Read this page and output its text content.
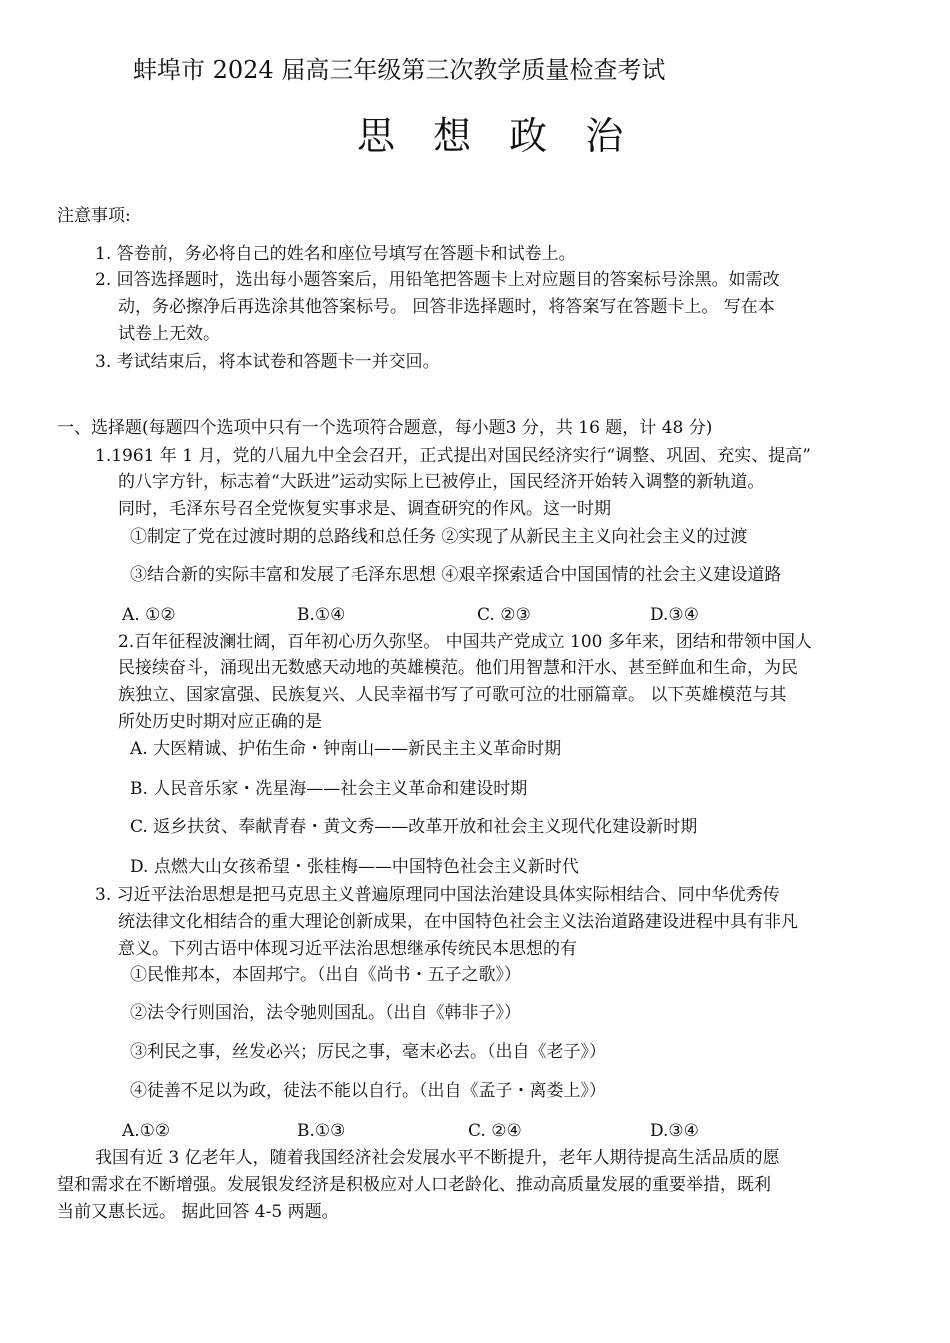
蚌埠市 2024 届高三年级第三次教学质量检查考试
思 想 政 治
注意事项:
1. 答卷前，务必将自己的姓名和座位号填写在答题卡和试卷上。
2. 回答选择题时，选出每小题答案后，用铅笔把答题卡上对应题目的答案标号涂黑。如需改
动，务必擦净后再选涂其他答案标号。 回答非选择题时，将答案写在答题卡上。 写在本
试卷上无效。
3. 考试结束后，将本试卷和答题卡一并交回。
一、选择题(每题四个选项中只有一个选项符合题意，每小题3 分，共 16 题，计 48 分)
1.1961 年 1 月，党的八届九中全会召开，正式提出对国民经济实行“调整、巩固、充实、提高”
的八字方针，标志着“大跃进”运动实际上已被停止，国民经济开始转入调整的新轨道。
同时，毛泽东号召全党恢复实事求是、调查研究的作风。这一时期
①制定了党在过渡时期的总路线和总任务 ②实现了从新民主主义向社会主义的过渡
③结合新的实际丰富和发展了毛泽东思想 ④艰辛探索适合中国国情的社会主义建设道路
A. ①②	B.①④	C. ②③	D.③④
2.百年征程波澜壮阔，百年初心历久弥坚。 中国共产党成立 100 多年来，团结和带领中国人
民接续奋斗，涌现出无数感天动地的英雄模范。他们用智慧和汗水、甚至鲜血和生命，为民
族独立、国家富强、民族复兴、人民幸福书写了可歌可泣的壮丽篇章。 以下英雄模范与其
所处历史时期对应正确的是
A. 大医精诚、护佑生命・钟南山——新民主主义革命时期
B. 人民音乐家・冼星海——社会主义革命和建设时期
C. 返乡扶贫、奉献青春・黄文秀——改革开放和社会主义现代化建设新时期
D. 点燃大山女孩希望・张桂梅——中国特色社会主义新时代
3. 习近平法治思想是把马克思主义普遍原理同中国法治建设具体实际相结合、同中华优秀传
统法律文化相结合的重大理论创新成果，在中国特色社会主义法治道路建设进程中具有非凡
意义。下列古语中体现习近平法治思想继承传统民本思想的有
①民惟邦本，本固邦宁。（出自《尚书・五子之歌》）
②法令行则国治，法令驰则国乱。（出自《韩非子》）
③利民之事，丝发必兴；厉民之事，毫末必去。（出自《老子》）
④徒善不足以为政，徒法不能以自行。（出自《孟子・离娄上》）
A.①②	B.①③	C. ②④	D.③④
我国有近 3 亿老年人，随着我国经济社会发展水平不断提升，老年人期待提高生活品质的愿
望和需求在不断增强。发展银发经济是积极应对人口老龄化、推动高质量发展的重要举措，既利
当前又惠长远。 据此回答 4-5 两题。
